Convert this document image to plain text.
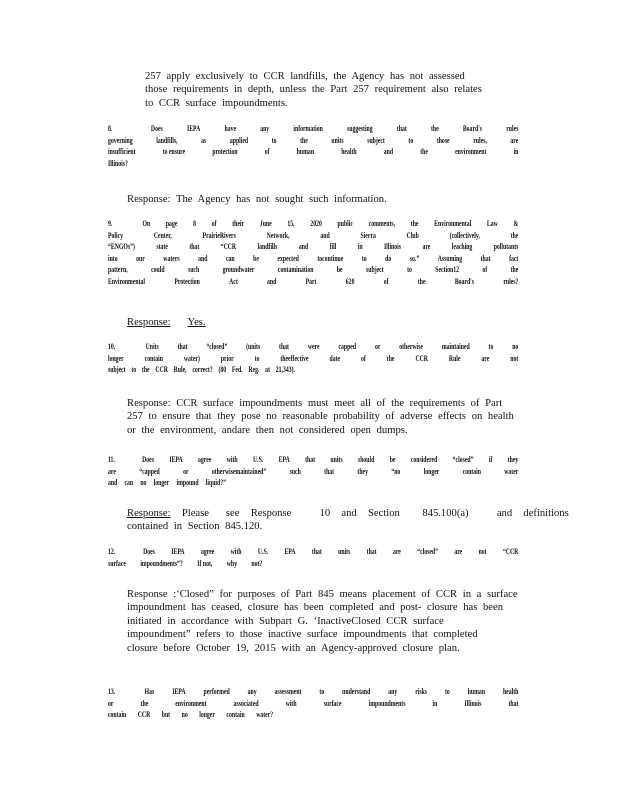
257 apply exclusively to CCR landfills, the Agency has not assessed
those requirements in depth, unless the Part 257 requirement also relates
to CCR surface impoundments.
8.	Does	IEPA	have	any	information	suggesting	that	the	Board's	rules
governing	landfills,	as	applied	to	the	units	subject	to	those	rules,	are
insufficient	to ensure	protection	of	human	health	and	the	environment	in
Illinois?
Response: The Agency has not sought such information.
9.	On page 8 of their June 15, 2020 public comments, the Environmental Law &
Policy	Center,	PrairieRivers	Network,	and	Sierra	Club	(collectively,	the
“ENGOs”)	state	that	“CCR	landfills	and	fill	in	Illinois	are	leaching	pollutants
into our waters and can be expected tocontinue to do so.” Assuming that fact
pattern,	could	such	groundwater	contamination	be	subject	to	Section12	of	the
Environmental	Protection	Act	and	Part	620	of	the	Board's	rules?
Response: Yes.
10.	Units that “closed” (units that were capped or otherwise maintained to no
longer	contain	water)	prior	to	theeffective	date	of	the	CCR	Rule	are	not
subject to the CCR Rule, correct? (80 Fed. Reg. at 21,343).
Response: CCR surface impoundments must meet all of the requirements of Part
257 to ensure that they pose no reasonable probability of adverse effects on health
or the environment, andare then not considered open dumps.
11.	Does IEPA agree with U.S. EPA that units should be considered “closed” if they
are	“capped	or	otherwisemaintained”	such	that	they	“no	longer	contain	water
and can no longer impound liquid?”
Response:  Please   see  Response     10  and  Section    845.100(a)     and  definitions
contained in Section 845.120.
12.	Does IEPA agree with U.S. EPA that units that are “closed” are not “CCR
surface impoundments”? If not, why not?
Response :‘Closed” for purposes of Part 845 means placement of CCR in a surface
impoundment has ceased, closure has been completed and post- closure has been
initiated in accordance with Subpart G. ‘InactiveClosed CCR surface
impoundment” refers to those inactive surface impoundments that completed
closure before October 19, 2015 with an Agency-approved closure plan.
13.	Has IEPA performed any assessment to understand any risks to human health
or	the	environment	associated	with	surface	impoundments	in	Illinois	that
contain CCR but no longer contain water?
